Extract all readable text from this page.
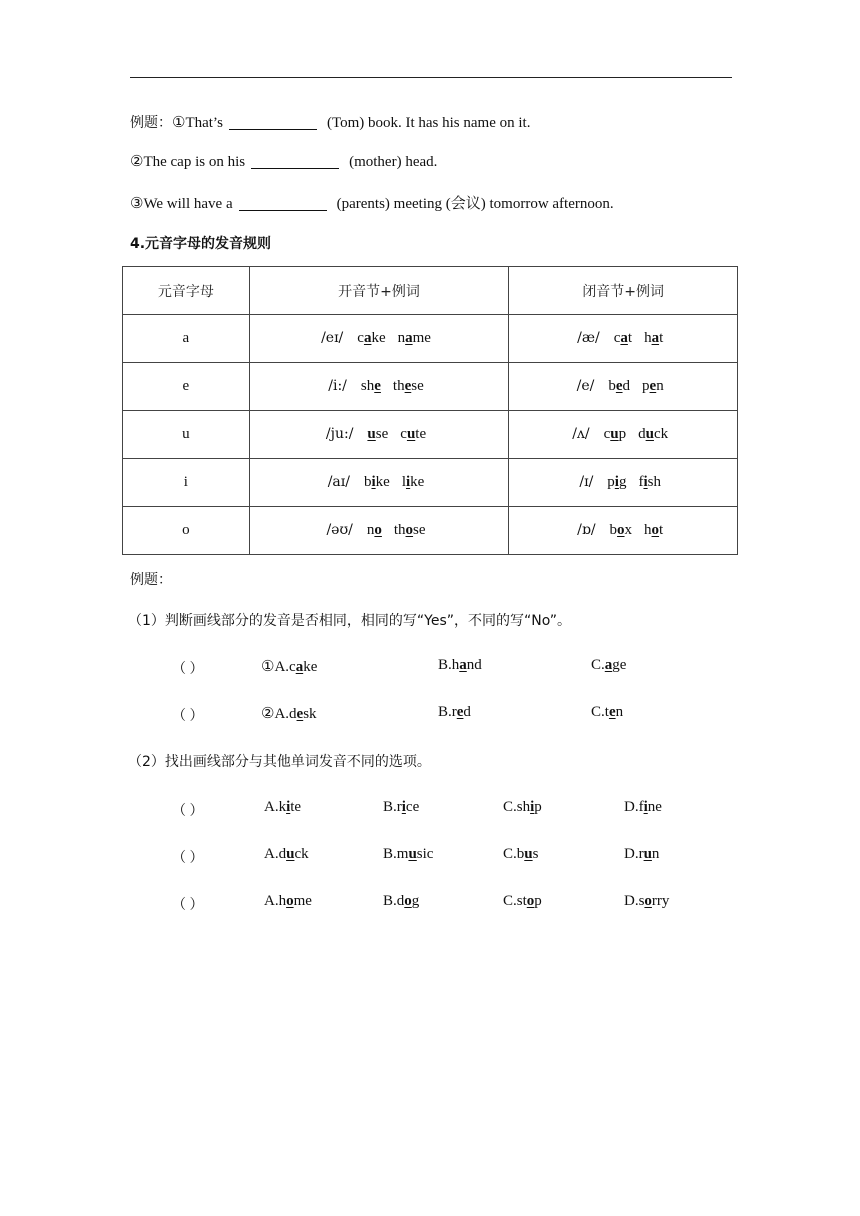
例题：①That’s	(Tom) book. It has his name on it.
②The cap is on his	(mother) head.
③We will have a	(parents) meeting (会议) tomorrow afternoon.
4.元音字母的发音规则
元音字母	开音节+例词	闭音节+例词
a	/eɪ/ cake name	/æ/ cat hat
e	/i:/ she these	/e/ bed pen
u	/ju:/ use cute	/ʌ/ cup duck
i	/aɪ/ bike like	/ɪ/ pig fish
o	/əʊ/ no those	/ɒ/ box hot
例题：
（1）判断画线部分的发音是否相同，相同的写“Yes”，不同的写“No”。
（2）找出画线部分与其他单词发音不同的选项。
（ ）	①A.cake	B.hand	C.age
（ ）	②A.desk	B.red	C.ten
（ ）	A.kite	B.rice	C.ship	D.fine
（ ）	A.duck	B.music	C.bus	D.run
（ ）	A.home	B.dog	C.stop	D.sorry
